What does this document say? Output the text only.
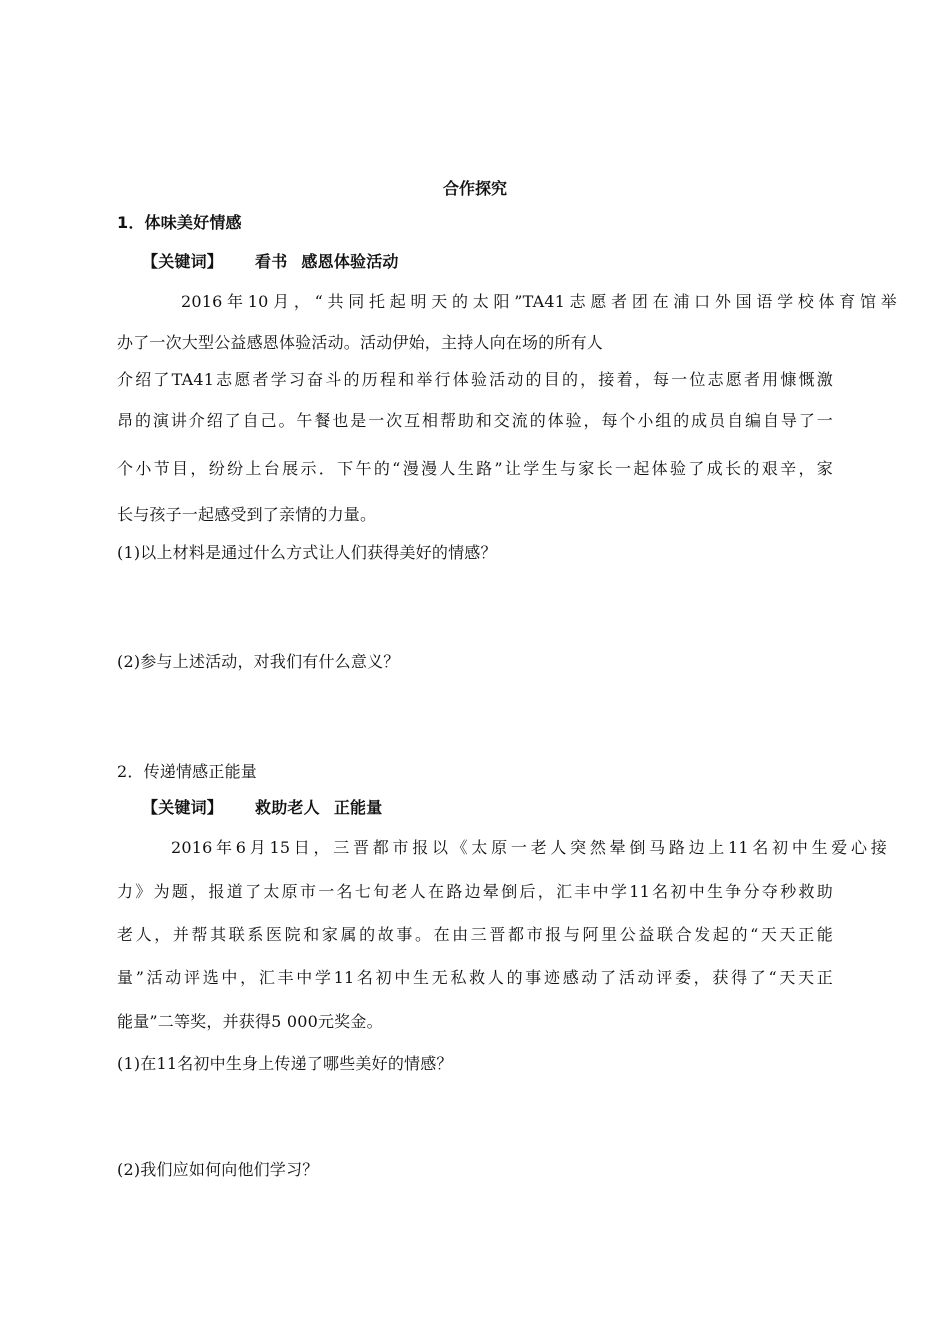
合作探究
1．体味美好情感
【关键词】 看书 感恩体验活动
2016年10月，“共同托起明天的太阳”TA41志愿者团在浦口外国语学校体育馆举
办了一次大型公益感恩体验活动。活动伊始，主持人向在场的所有人
介绍了TA41志愿者学习奋斗的历程和举行体验活动的目的，接着，每一位志愿者用慷慨激
昂的演讲介绍了自己。午餐也是一次互相帮助和交流的体验，每个小组的成员自编自导了一
个小节目，纷纷上台展示．下午的“漫漫人生路”让学生与家长一起体验了成长的艰辛，家
长与孩子一起感受到了亲情的力量。
(1)以上材料是通过什么方式让人们获得美好的情感？
(2)参与上述活动，对我们有什么意义？
2．传递情感正能量
【关键词】 救助老人 正能量
2016年6月15日，三晋都市报以《太原一老人突然晕倒马路边上11名初中生爱心接
力》为题，报道了太原市一名七旬老人在路边晕倒后，汇丰中学11名初中生争分夺秒救助
老人，并帮其联系医院和家属的故事。在由三晋都市报与阿里公益联合发起的“天天正能
量”活动评选中，汇丰中学11名初中生无私救人的事迹感动了活动评委，获得了“天天正
能量”二等奖，并获得5 000元奖金。
(1)在11名初中生身上传递了哪些美好的情感？
(2)我们应如何向他们学习？
